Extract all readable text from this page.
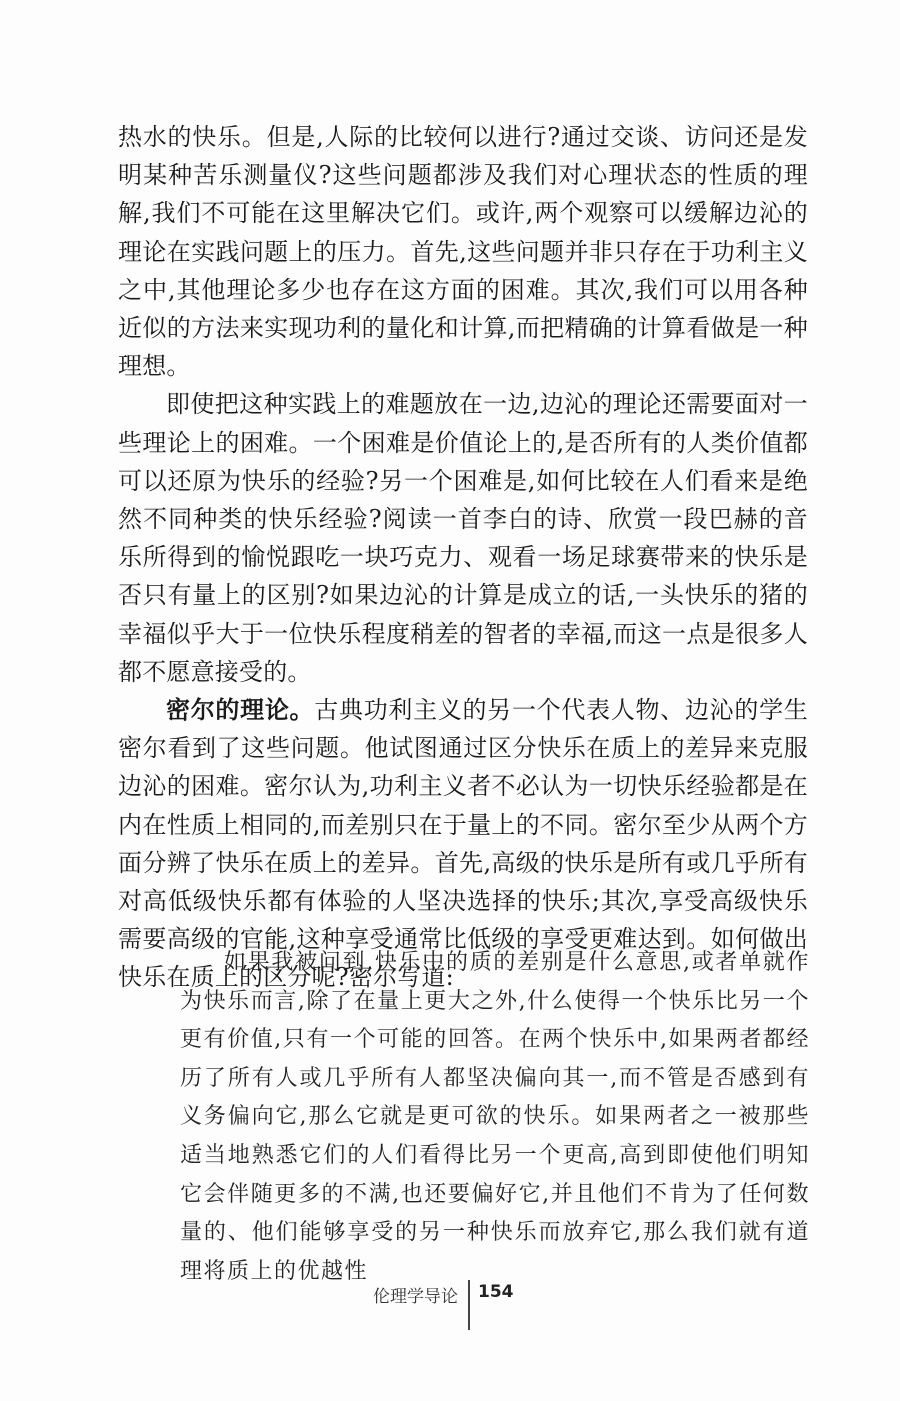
热水的快乐。但是,人际的比较何以进行?通过交谈、访问还是发明某种苦乐测量仪?这些问题都涉及我们对心理状态的性质的理解,我们不可能在这里解决它们。或许,两个观察可以缓解边沁的理论在实践问题上的压力。首先,这些问题并非只存在于功利主义之中,其他理论多少也存在这方面的困难。其次,我们可以用各种近似的方法来实现功利的量化和计算,而把精确的计算看做是一种理想。

即使把这种实践上的难题放在一边,边沁的理论还需要面对一些理论上的困难。一个困难是价值论上的,是否所有的人类价值都可以还原为快乐的经验?另一个困难是,如何比较在人们看来是绝然不同种类的快乐经验?阅读一首李白的诗、欣赏一段巴赫的音乐所得到的愉悦跟吃一块巧克力、观看一场足球赛带来的快乐是否只有量上的区别?如果边沁的计算是成立的话,一头快乐的猪的幸福似乎大于一位快乐程度稍差的智者的幸福,而这一点是很多人都不愿意接受的。

密尔的理论。古典功利主义的另一个代表人物、边沁的学生密尔看到了这些问题。他试图通过区分快乐在质上的差异来克服边沁的困难。密尔认为,功利主义者不必认为一切快乐经验都是在内在性质上相同的,而差别只在于量上的不同。密尔至少从两个方面分辨了快乐在质上的差异。首先,高级的快乐是所有或几乎所有对高低级快乐都有体验的人坚决选择的快乐;其次,享受高级快乐需要高级的官能,这种享受通常比低级的享受更难达到。如何做出快乐在质上的区分呢?密尔写道:

如果我被问到,快乐中的质的差别是什么意思,或者单就作为快乐而言,除了在量上更大之外,什么使得一个快乐比另一个更有价值,只有一个可能的回答。在两个快乐中,如果两者都经历了所有人或几乎所有人都坚决偏向其一,而不管是否感到有义务偏向它,那么它就是更可欲的快乐。如果两者之一被那些适当地熟悉它们的人们看得比另一个更高,高到即使他们明知它会伴随更多的不满,也还要偏好它,并且他们不肯为了任何数量的、他们能够享受的另一种快乐而放弃它,那么我们就有道理将质上的优越性

伦理学导论 154
